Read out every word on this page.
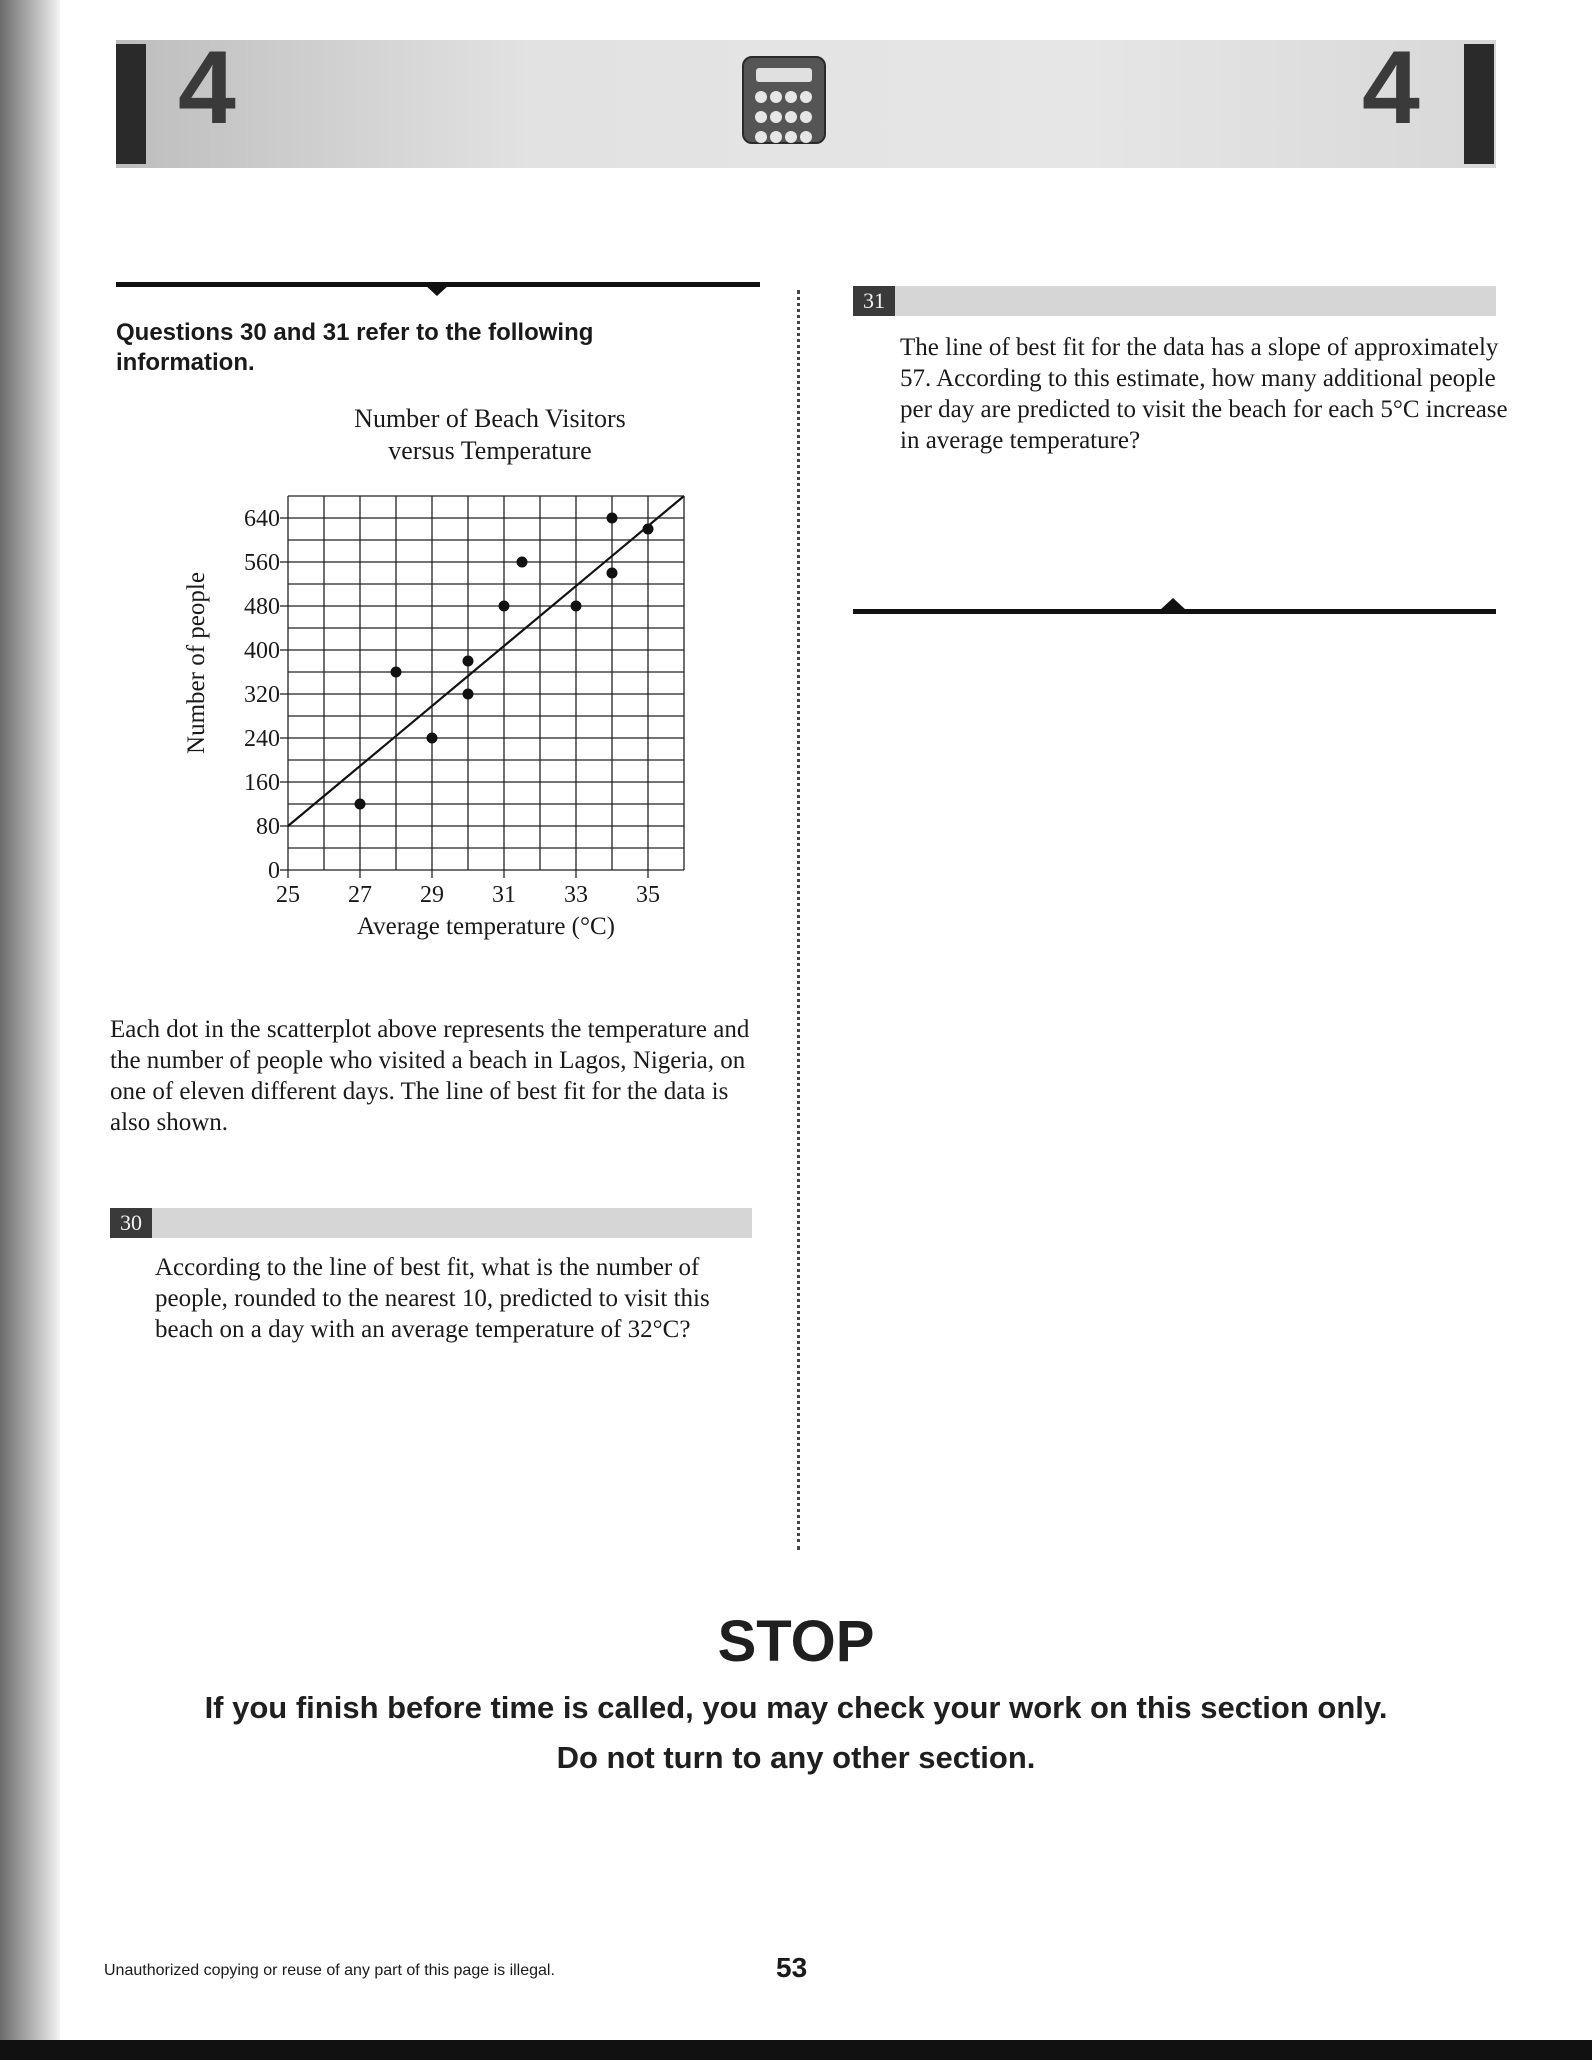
4	4
Questions 30 and 31 refer to the following information.
Number of Beach Visitors
versus Temperature
0
80
160
240
320
400
480
560
640
25 27 29 31 33 35
Average temperature (°C)
Number of people
Each dot in the scatterplot above represents the temperature and the number of people who visited a beach in Lagos, Nigeria, on one of eleven different days. The line of best fit for the data is also shown.
30
According to the line of best fit, what is the number of people, rounded to the nearest 10, predicted to visit this beach on a day with an average temperature of 32°C?
31
The line of best fit for the data has a slope of approximately 57. According to this estimate, how many additional people per day are predicted to visit the beach for each 5°C increase in average temperature?
STOP
If you finish before time is called, you may check your work on this section only.
Do not turn to any other section.
Unauthorized copying or reuse of any part of this page is illegal.	53
